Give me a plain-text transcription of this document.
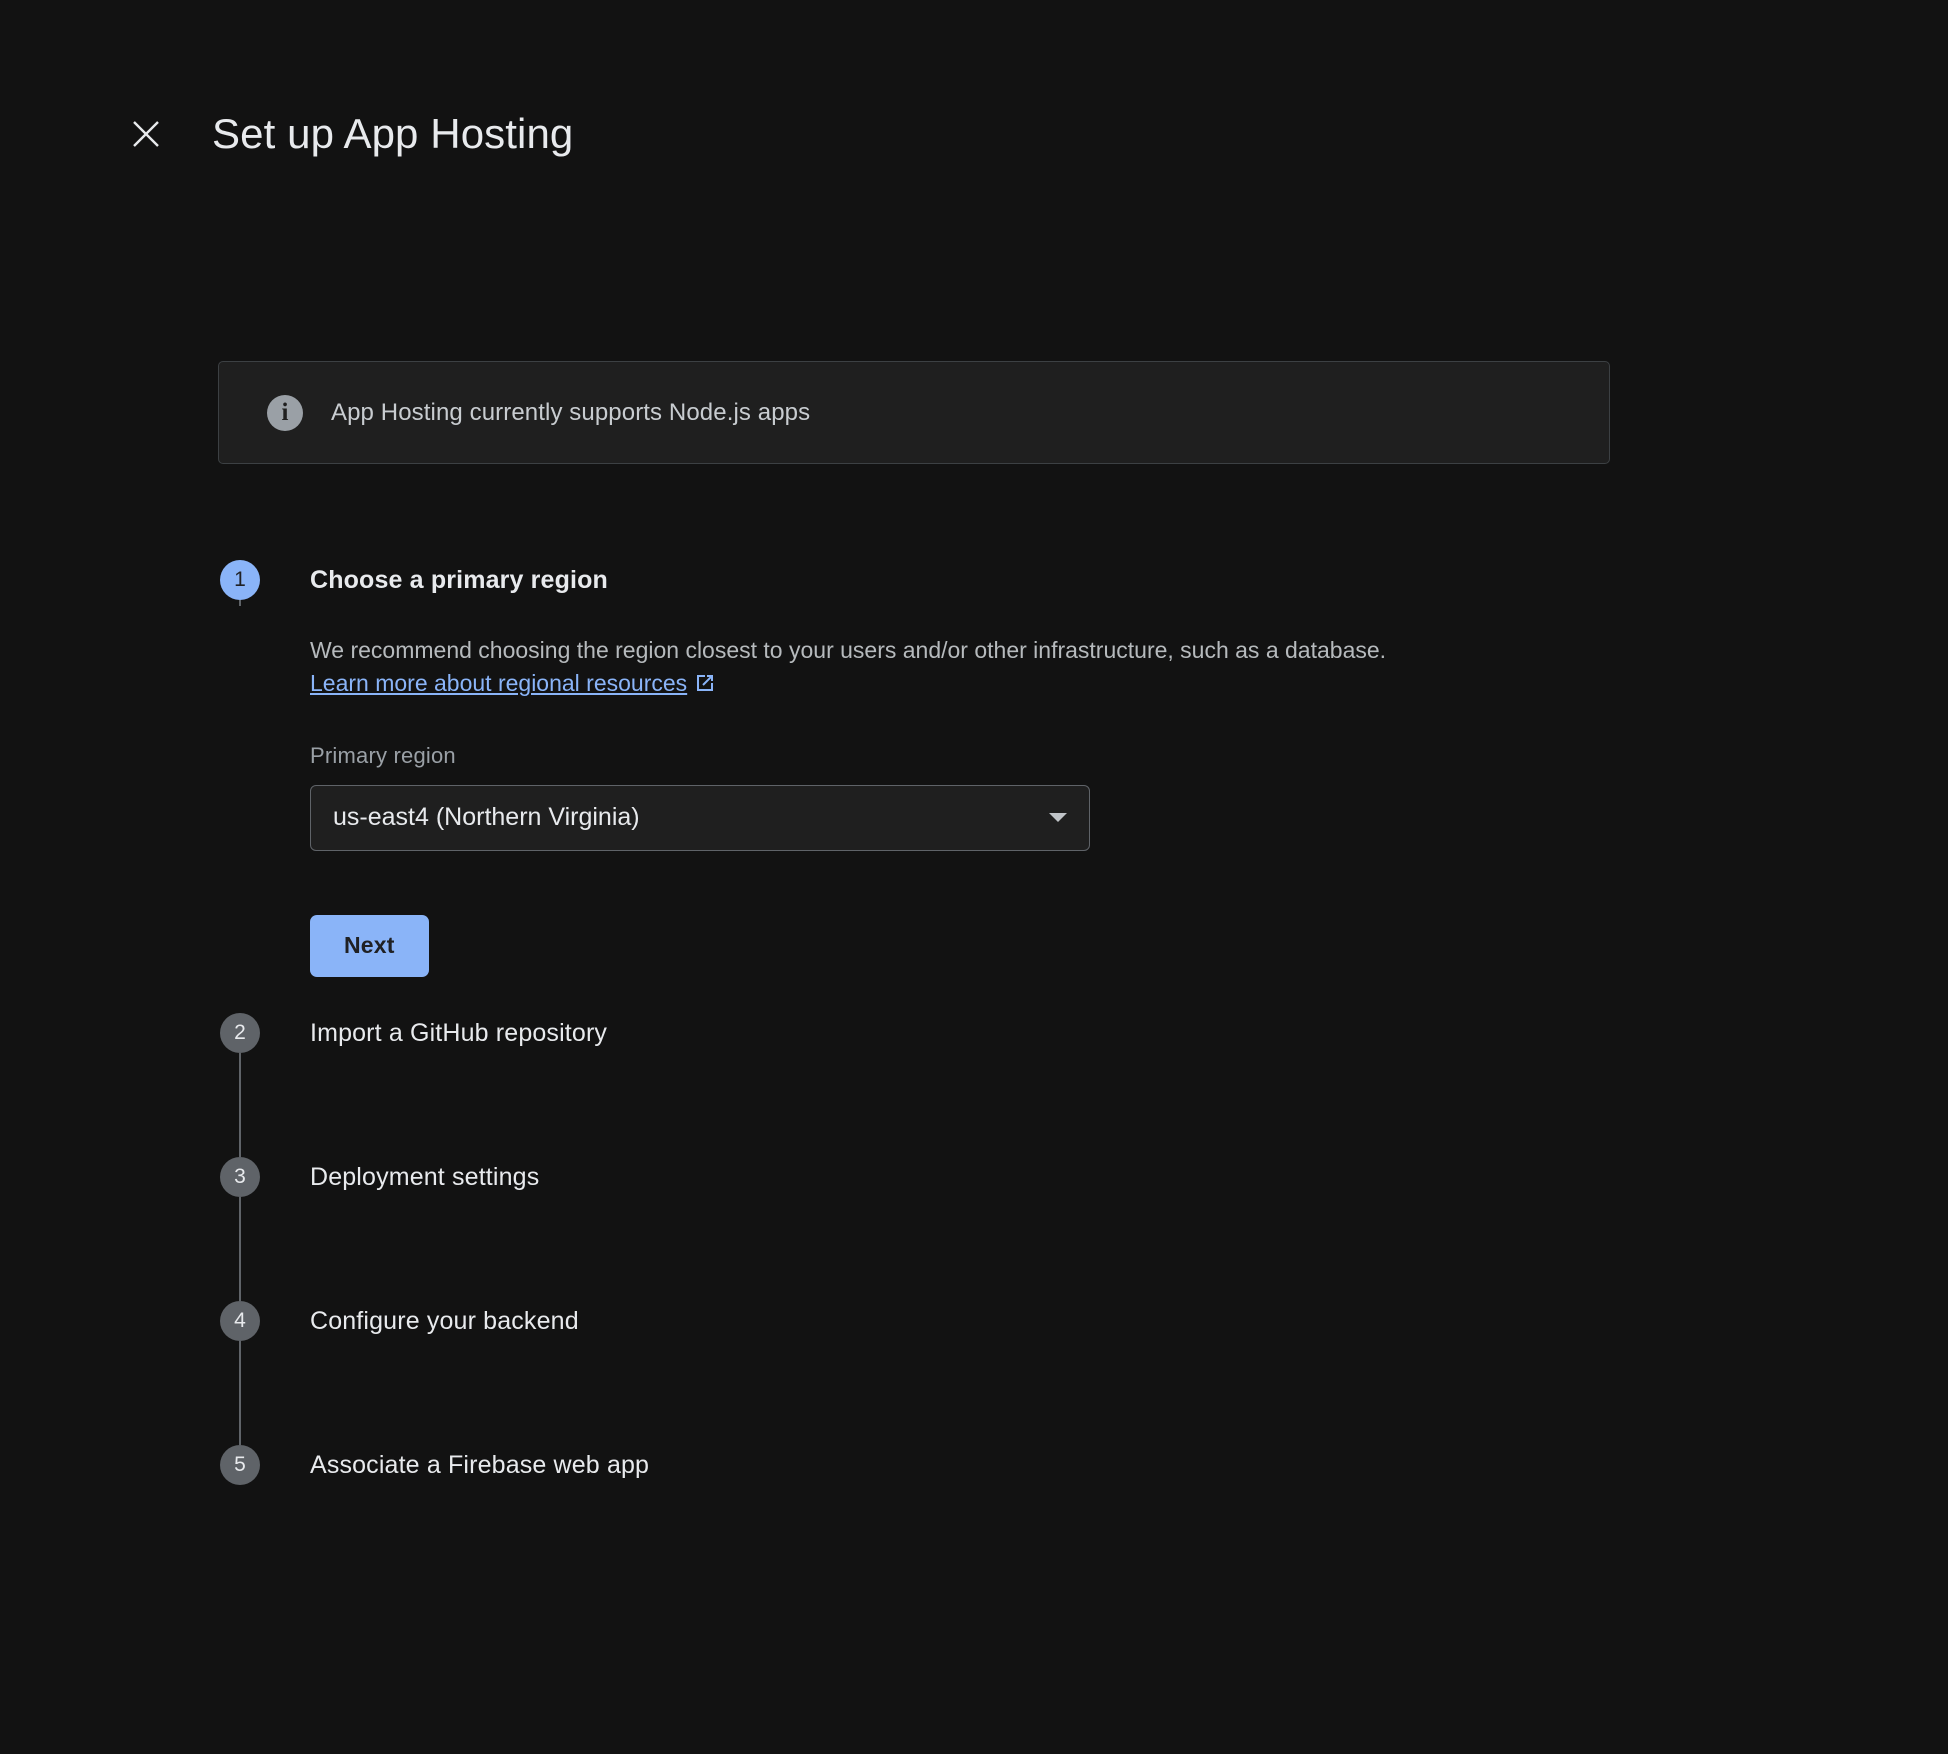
Set up App Hosting
i	App Hosting currently supports Node.js apps
1	Choose a primary region

We recommend choosing the region closest to your users and/or other infrastructure, such as a database. Learn more about regional resources

Primary region
us-east4 (Northern Virginia)
Next
2	Import a GitHub repository
3	Deployment settings
4	Configure your backend
5	Associate a Firebase web app
